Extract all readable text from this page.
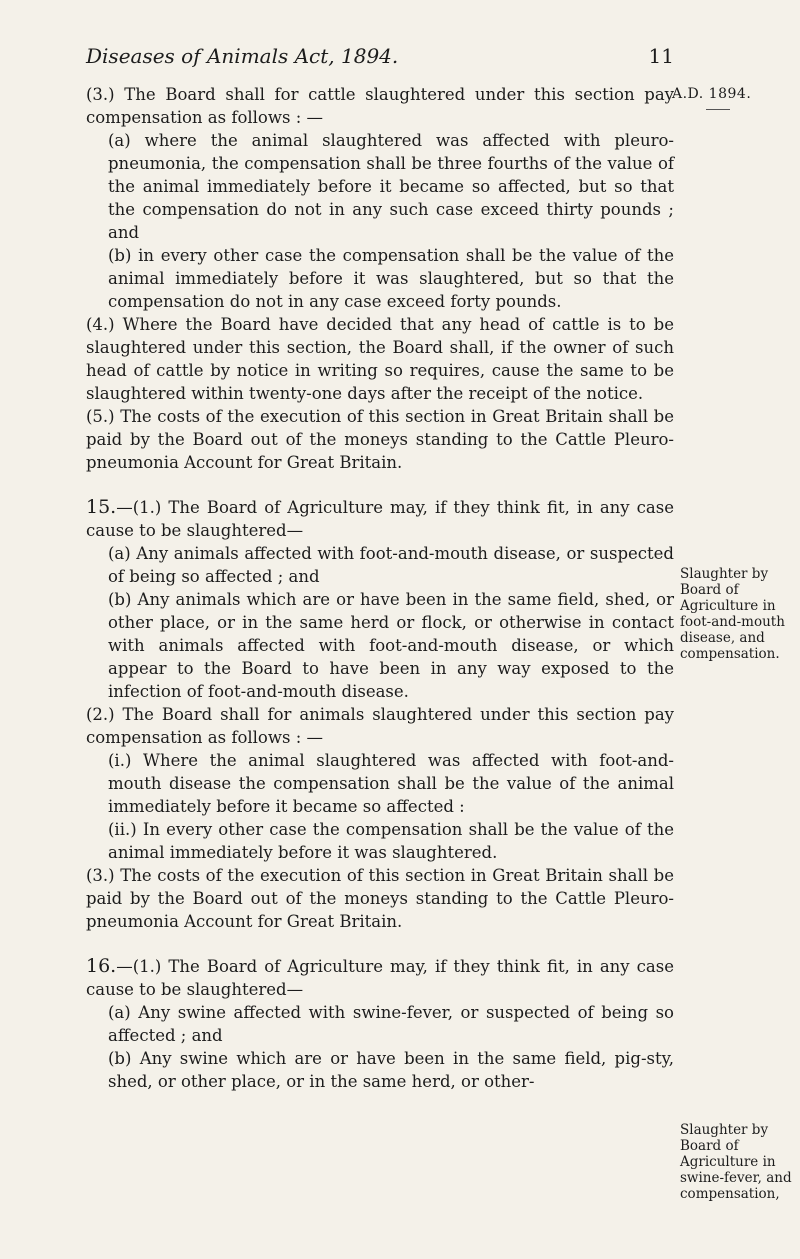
Diseases of Animals Act, 1894.	11
A.D. 1894.

(3.) The Board shall for cattle slaughtered under this section pay compensation as follows : —

(a) where the animal slaughtered was affected with pleuro-pneumonia, the compensation shall be three fourths of the value of the animal immediately before it became so affected, but so that the compensation do not in any such case exceed thirty pounds ; and

(b) in every other case the compensation shall be the value of the animal immediately before it was slaughtered, but so that the compensation do not in any case exceed forty pounds.

(4.) Where the Board have decided that any head of cattle is to be slaughtered under this section, the Board shall, if the owner of such head of cattle by notice in writing so requires, cause the same to be slaughtered within twenty-one days after the receipt of the notice.

(5.) The costs of the execution of this section in Great Britain shall be paid by the Board out of the moneys standing to the Cattle Pleuro-pneumonia Account for Great Britain.

15.—(1.) The Board of Agriculture may, if they think fit, in any case cause to be slaughtered—

(a) Any animals affected with foot-and-mouth disease, or suspected of being so affected ; and

(b) Any animals which are or have been in the same field, shed, or other place, or in the same herd or flock, or otherwise in contact with animals affected with foot-and-mouth disease, or which appear to the Board to have been in any way exposed to the infection of foot-and-mouth disease.

(2.) The Board shall for animals slaughtered under this section pay compensation as follows : —

(i.) Where the animal slaughtered was affected with foot-and-mouth disease the compensation shall be the value of the animal immediately before it became so affected :

(ii.) In every other case the compensation shall be the value of the animal immediately before it was slaughtered.

(3.) The costs of the execution of this section in Great Britain shall be paid by the Board out of the moneys standing to the Cattle Pleuro-pneumonia Account for Great Britain.

16.—(1.) The Board of Agriculture may, if they think fit, in any case cause to be slaughtered—

(a) Any swine affected with swine-fever, or suspected of being so affected ; and

(b) Any swine which are or have been in the same field, pig-sty, shed, or other place, or in the same herd, or other-

Slaughter by Board of Agriculture in foot-and-mouth disease, and compensation.
Slaughter by Board of Agriculture in swine-fever, and compensation,
